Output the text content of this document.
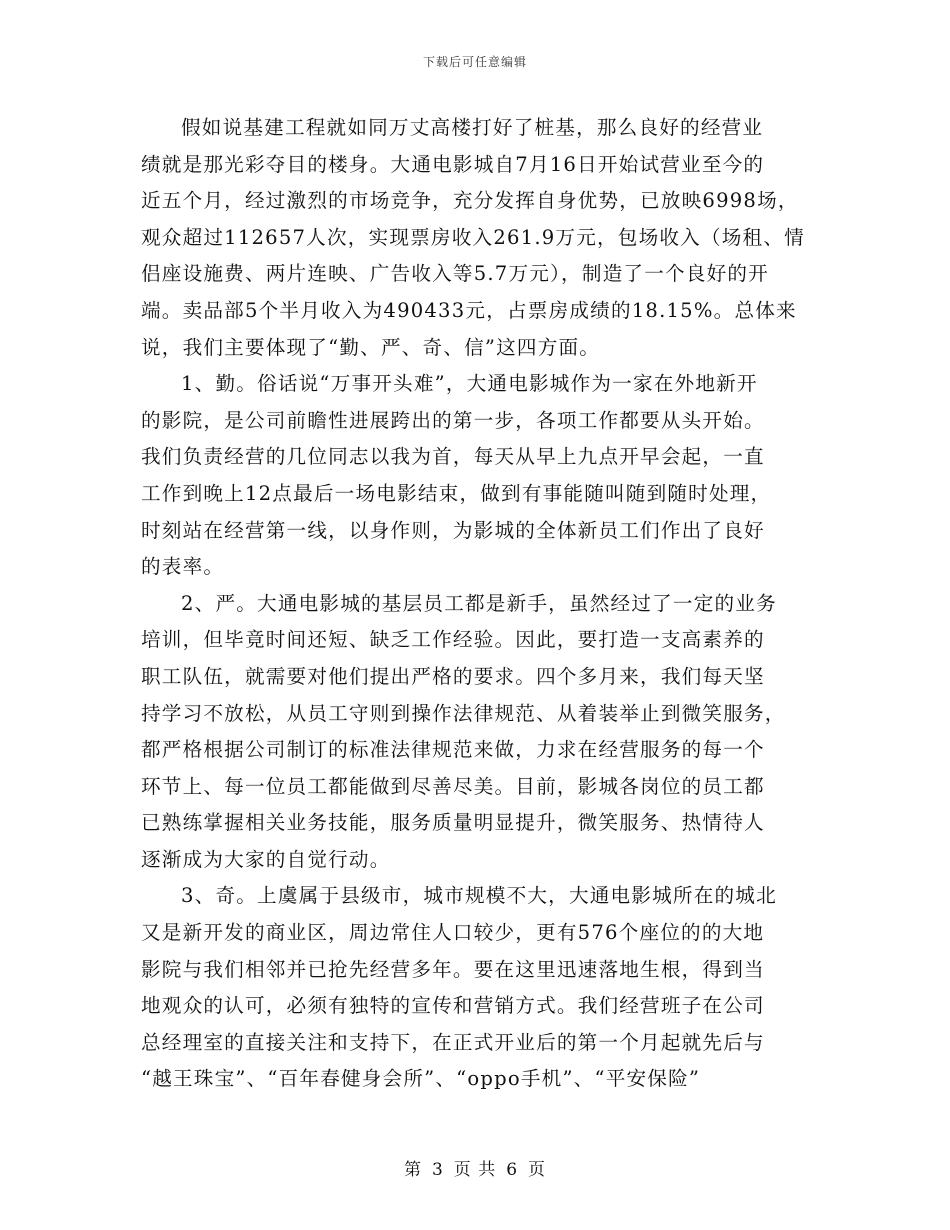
下载后可任意编辑
假如说基建工程就如同万丈高楼打好了桩基，那么良好的经营业
绩就是那光彩夺目的楼身。大通电影城自7月16日开始试营业至今的
近五个月，经过激烈的市场竞争，充分发挥自身优势，已放映6998场，
观众超过112657人次，实现票房收入261.9万元，包场收入（场租、情
侣座设施费、两片连映、广告收入等5.7万元），制造了一个良好的开
端。卖品部5个半月收入为490433元，占票房成绩的18.15%。总体来
说，我们主要体现了“勤、严、奇、信”这四方面。
1、勤。俗话说“万事开头难”，大通电影城作为一家在外地新开
的影院，是公司前瞻性进展跨出的第一步，各项工作都要从头开始。
我们负责经营的几位同志以我为首，每天从早上九点开早会起，一直
工作到晚上12点最后一场电影结束，做到有事能随叫随到随时处理，
时刻站在经营第一线，以身作则，为影城的全体新员工们作出了良好
的表率。
2、严。大通电影城的基层员工都是新手，虽然经过了一定的业务
培训，但毕竟时间还短、缺乏工作经验。因此，要打造一支高素养的
职工队伍，就需要对他们提出严格的要求。四个多月来，我们每天坚
持学习不放松，从员工守则到操作法律规范、从着装举止到微笑服务，
都严格根据公司制订的标准法律规范来做，力求在经营服务的每一个
环节上、每一位员工都能做到尽善尽美。目前，影城各岗位的员工都
已熟练掌握相关业务技能，服务质量明显提升，微笑服务、热情待人
逐渐成为大家的自觉行动。
3、奇。上虞属于县级市，城市规模不大，大通电影城所在的城北
又是新开发的商业区，周边常住人口较少，更有576个座位的的大地
影院与我们相邻并已抢先经营多年。要在这里迅速落地生根，得到当
地观众的认可，必须有独特的宣传和营销方式。我们经营班子在公司
总经理室的直接关注和支持下，在正式开业后的第一个月起就先后与
“越王珠宝”、“百年春健身会所”、“oppo手机”、“平安保险”
第 3 页 共 6 页
